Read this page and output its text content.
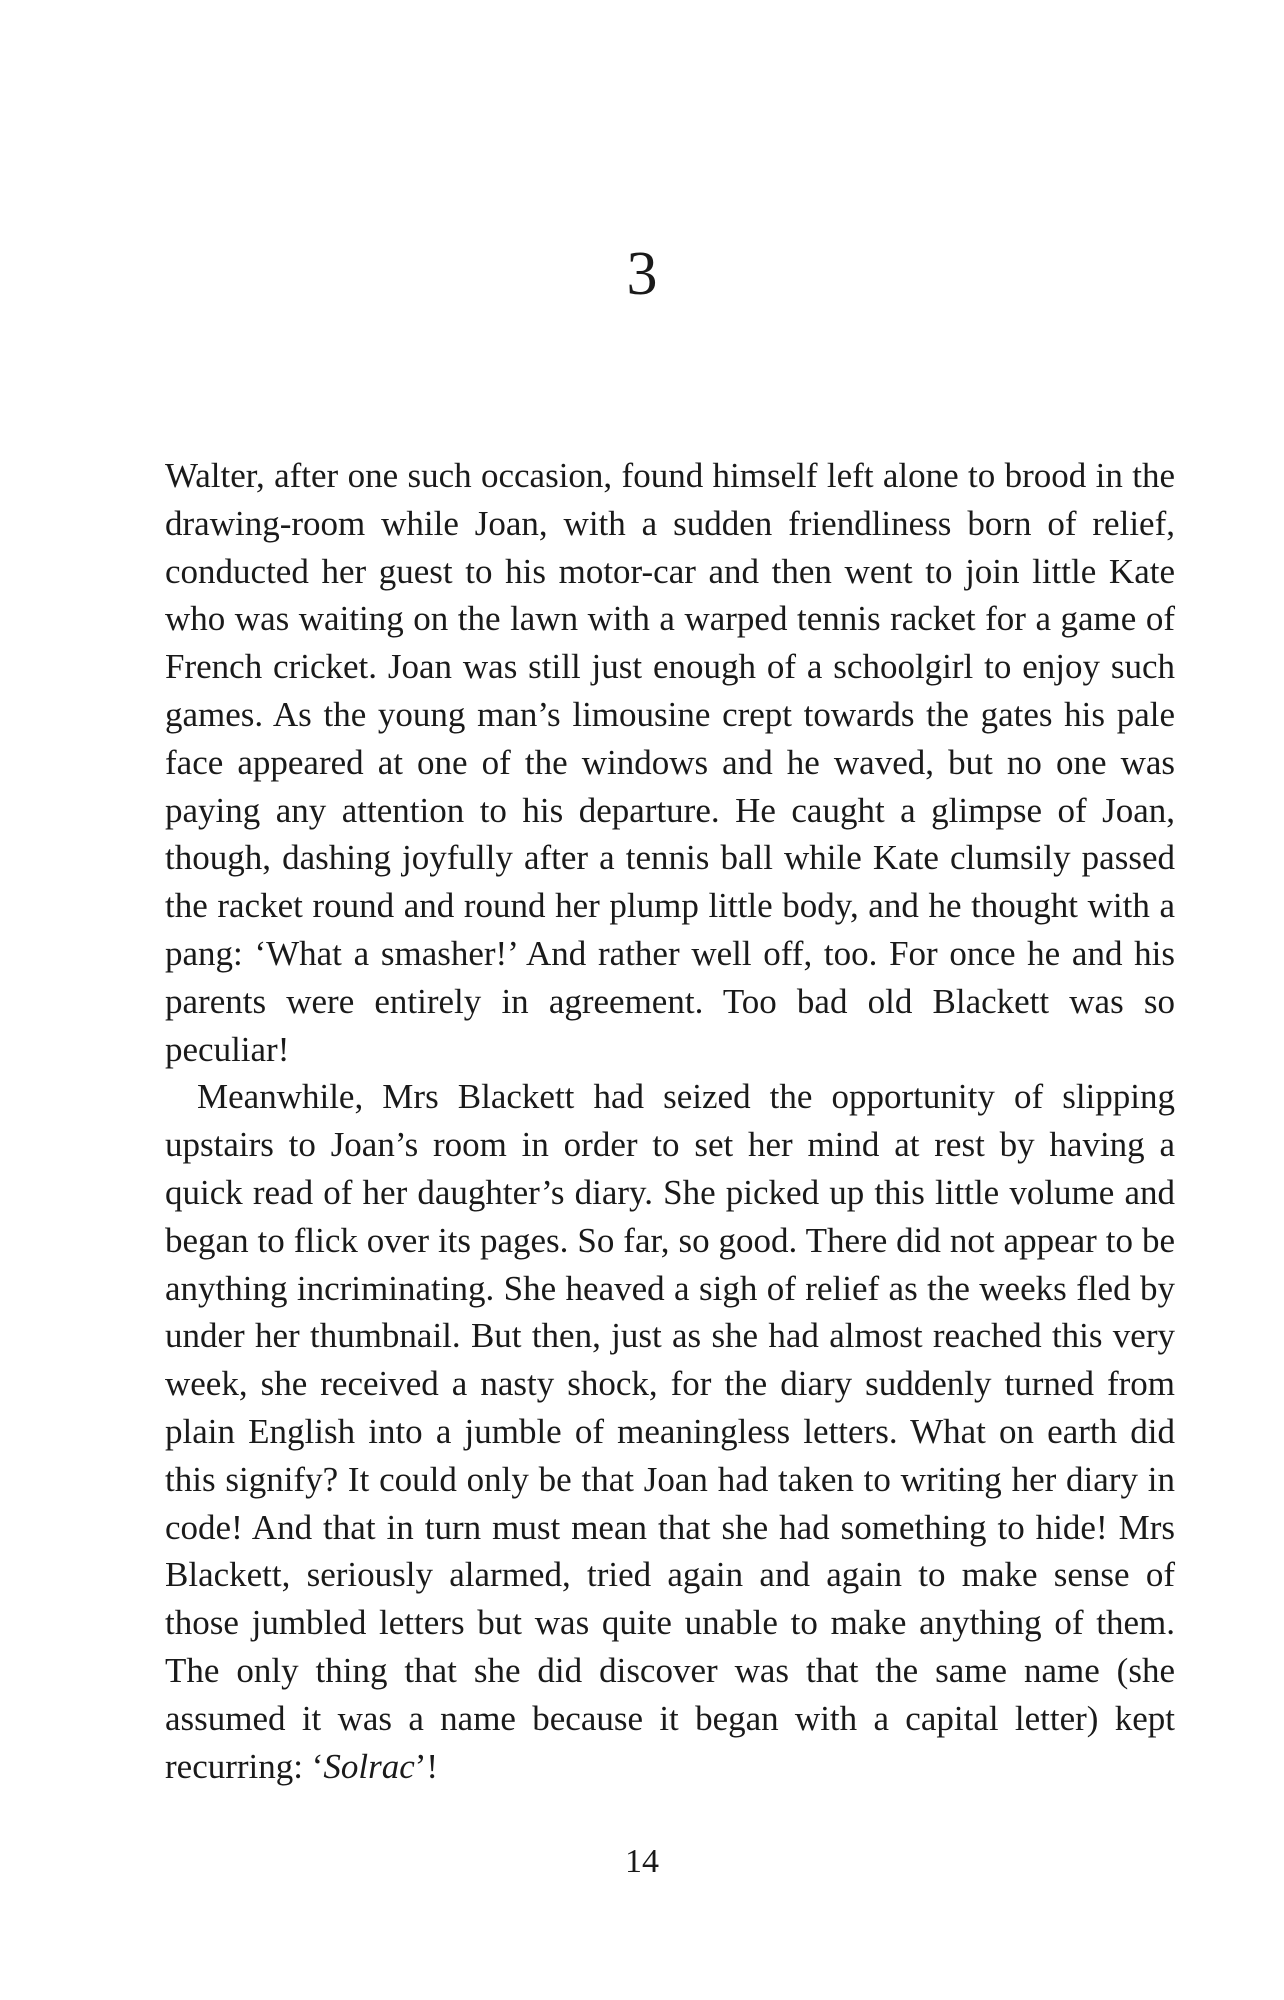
3

Walter, after one such occasion, found himself left alone to brood in the drawing-room while Joan, with a sudden friendliness born of relief, conducted her guest to his motor-car and then went to join little Kate who was waiting on the lawn with a warped tennis racket for a game of French cricket. Joan was still just enough of a schoolgirl to enjoy such games. As the young man’s limousine crept towards the gates his pale face appeared at one of the windows and he waved, but no one was paying any attention to his departure. He caught a glimpse of Joan, though, dashing joyfully after a tennis ball while Kate clumsily passed the racket round and round her plump little body, and he thought with a pang: ‘What a smasher!’ And rather well off, too. For once he and his parents were entirely in agreement. Too bad old Blackett was so peculiar!

Meanwhile, Mrs Blackett had seized the opportunity of slipping upstairs to Joan’s room in order to set her mind at rest by having a quick read of her daughter’s diary. She picked up this little volume and began to flick over its pages. So far, so good. There did not appear to be anything incriminating. She heaved a sigh of relief as the weeks fled by under her thumbnail. But then, just as she had almost reached this very week, she received a nasty shock, for the diary suddenly turned from plain English into a jumble of meaningless letters. What on earth did this signify? It could only be that Joan had taken to writing her diary in code! And that in turn must mean that she had something to hide! Mrs Blackett, seriously alarmed, tried again and again to make sense of those jumbled letters but was quite unable to make anything of them. The only thing that she did discover was that the same name (she assumed it was a name because it began with a capital letter) kept recurring: ‘Solrac’!

14
